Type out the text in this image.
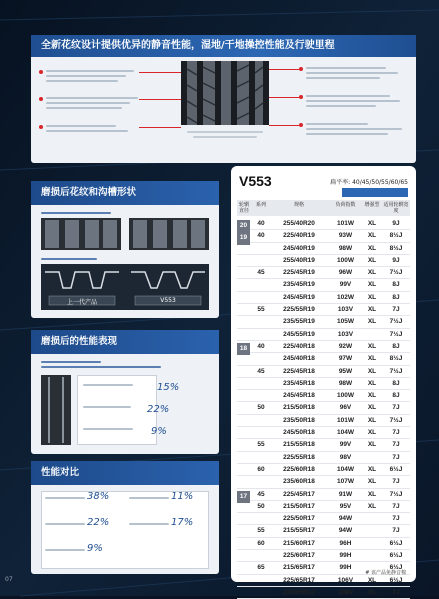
全新花纹设计提供优异的静音性能，湿地/干地操控性能及行驶里程
磨损后花纹和沟槽形状
上一代产品	V553
磨损后的性能表现
15%
22%
9%
性能对比
38%	11%
22%	17%
9%
V553	扁平率: 40/45/50/55/60/65
轮辋直径
系列	规格	负荷指数	增强型 适用轮辋宽度
20	40	255/40R20	101W	XL	9J
19	40	225/40R19	93W	XL	8½J
245/40R19	98W	XL	8½J
255/40R19	100W	XL	9J
45	225/45R19	96W	XL	7½J
235/45R19	99V	XL	8J
245/45R19	102W	XL	8J
55	225/55R19	103V	XL	7J
235/55R19	105W	XL	7½J
245/55R19	103V	7½J
18	40	225/40R18	92W	XL	8J
245/40R18	97W	XL	8½J
45	225/45R18	95W	XL	7½J
235/45R18	98W	XL	8J
245/45R18	100W	XL	8J
50	215/50R18	96V	XL	7J
235/50R18	101W	XL	7½J
245/50R18	104W	XL	7J
55	215/55R18	99V	XL	7J
225/55R18	98V	7J
60	225/60R18	104W	XL	6½J
235/60R18	107W	XL	7J
17	45	225/45R17	91W	XL	7½J
50	215/50R17	95V	XL	7J
225/50R17	94W	7J
55	215/55R17	94W	7J
60	215/60R17	96H	6½J
225/60R17	99H	6½J
65	215/65R17	99H	6½J
225/65R17	106V	XL	6½J
235/65R17	108V	XL	7J
# 该产品免静音棉
07
